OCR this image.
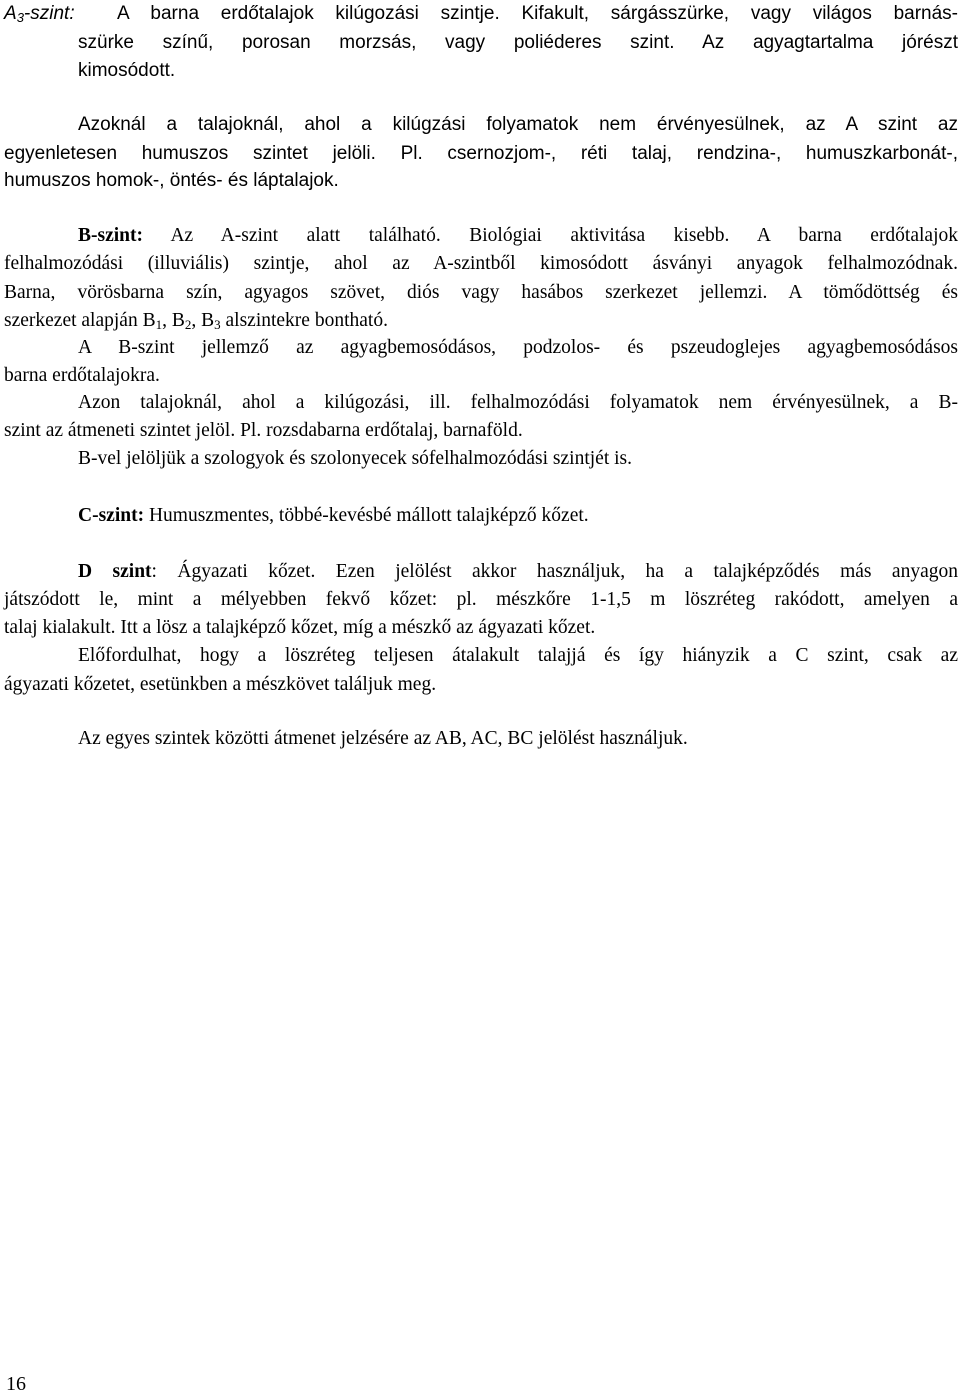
$A_3$-szint: A barna erdőtalajok kilúgozási szintje. Kifakult, sárgásszürke, vagy világos barnás-
szürke színű, porosan morzsás, vagy poliéderes szint. Az agyagtartalma jórészt
kimosódott.
Azoknál a talajoknál, ahol a kilúgzási folyamatok nem érvényesülnek, az A szint az
egyenletesen humuszos szintet jelöli. Pl. csernozjom-, réti talaj, rendzina-, humuszkarbonát-,
humuszos homok-, öntés- és láptalajok.
B-szint: Az A-szint alatt található. Biológiai aktivitása kisebb. A barna erdőtalajok
felhalmozódási (illuviális) szintje, ahol az A-szintből kimosódott ásványi anyagok felhalmozódnak.
Barna, vörösbarna szín, agyagos szövet, diós vagy hasábos szerkezet jellemzi. A tömődöttség és
szerkezet alapján $B_1$, $B_2$, $B_3$ alszintekre bontható.
A B-szint jellemző az agyagbemosódásos, podzolos- és pszeudoglejes agyagbemosódásos
barna erdőtalajokra.
Azon talajoknál, ahol a kilúgozási, ill. felhalmozódási folyamatok nem érvényesülnek, a B-
szint az átmeneti szintet jelöl. Pl. rozsdabarna erdőtalaj, barnaföld.
B-vel jelöljük a szologyok és szolonyecek sófelhalmozódási szintjét is.
C-szint: Humuszmentes, többé-kevésbé mállott talajképző kőzet.
D szint: Ágyazati kőzet. Ezen jelölést akkor használjuk, ha a talajképződés más anyagon
játszódott le, mint a mélyebben fekvő kőzet: pl. mészkőre 1-1,5 m löszréteg rakódott, amelyen a
talaj kialakult. Itt a lösz a talajképző kőzet, míg a mészkő az ágyazati kőzet.
Előfordulhat, hogy a löszréteg teljesen átalakult talajjá és így hiányzik a C szint, csak az
ágyazati kőzetet, esetünkben a mészkövet találjuk meg.
Az egyes szintek közötti átmenet jelzésére az AB, AC, BC jelölést használjuk.
16
